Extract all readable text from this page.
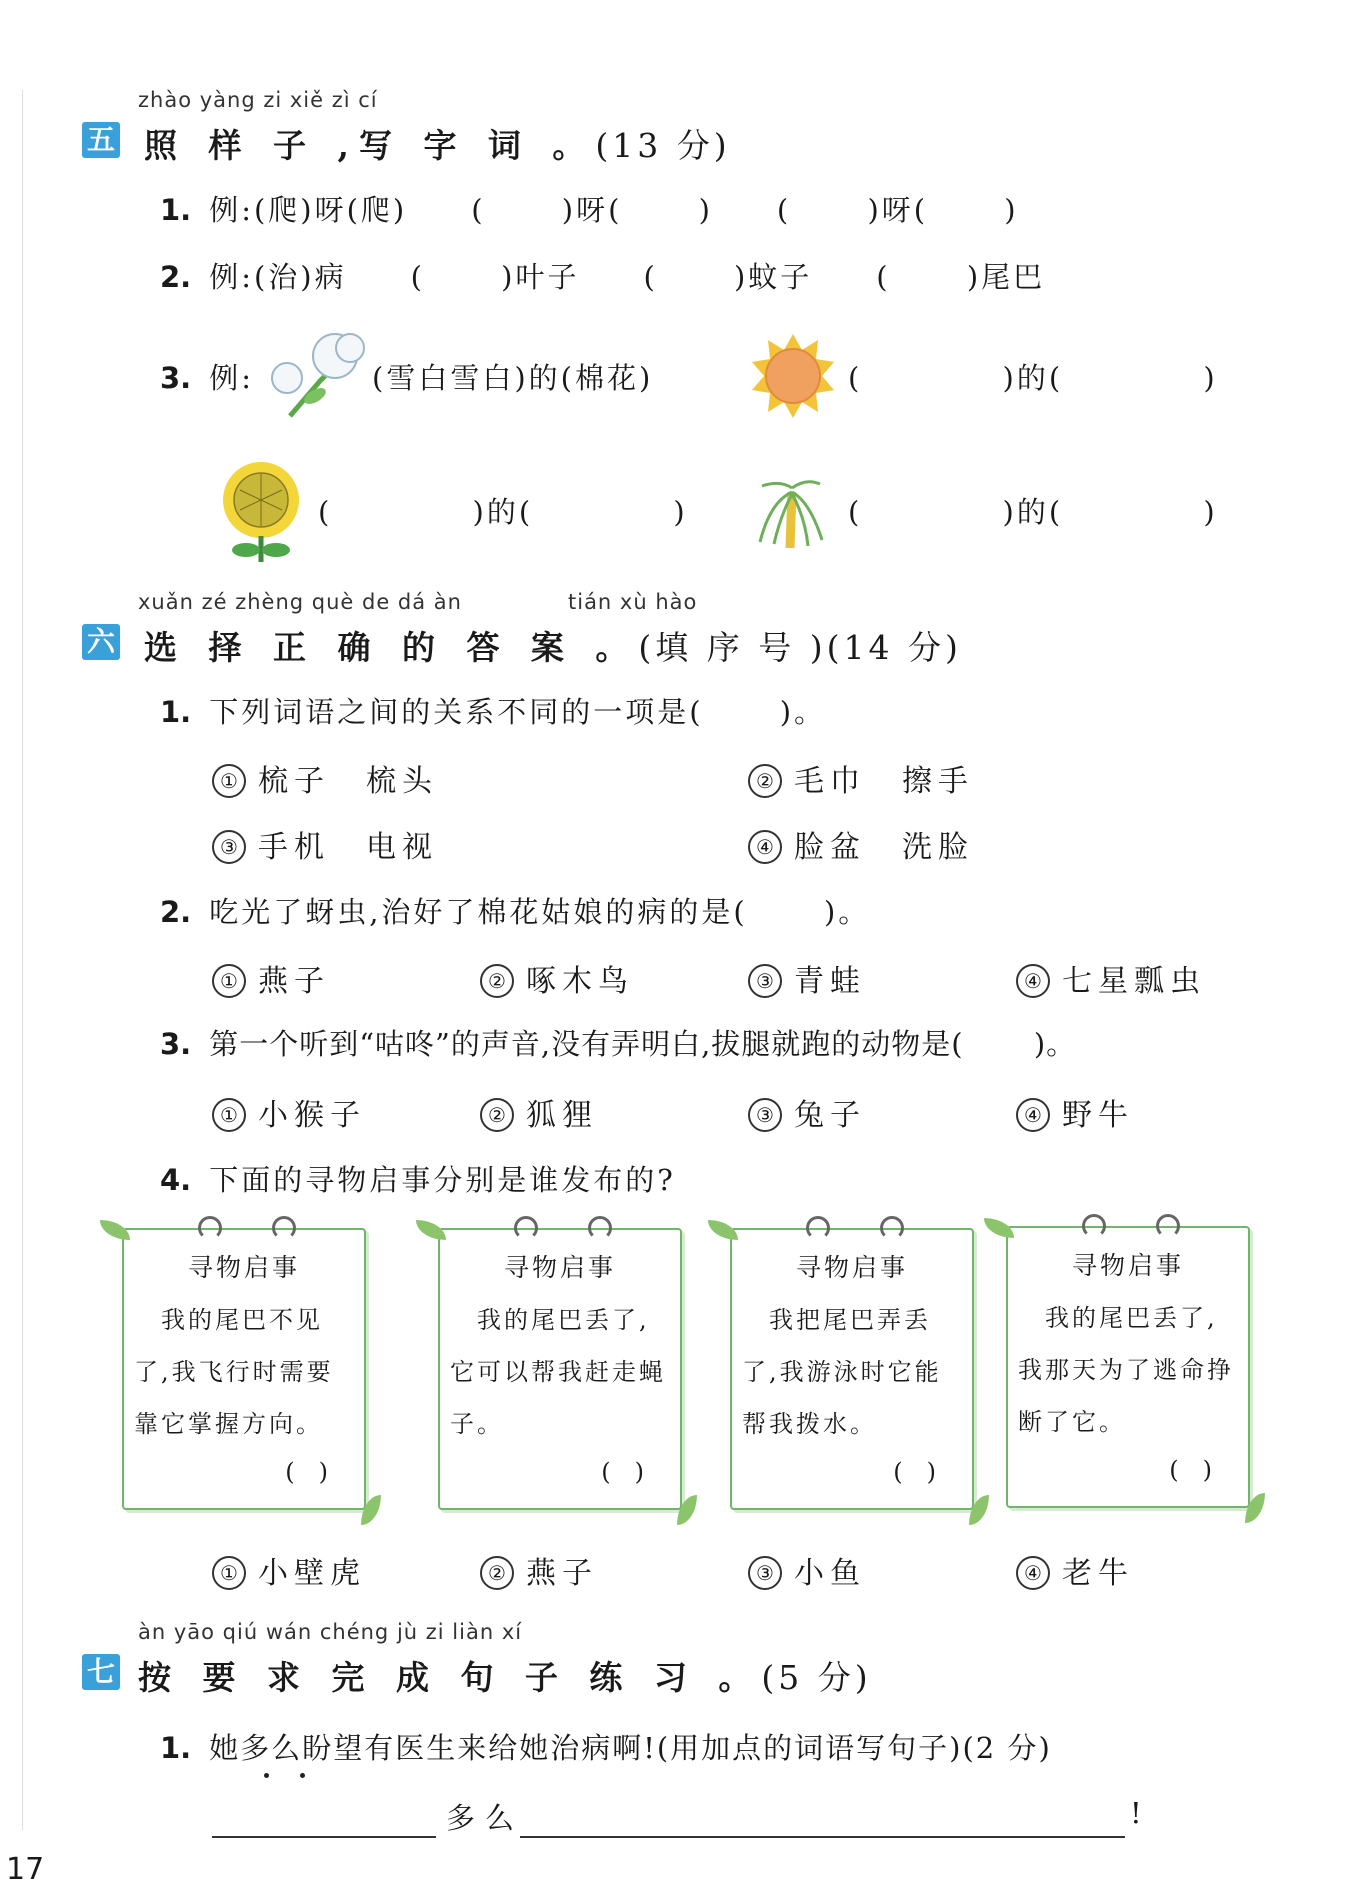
zhào yàng zi xiě zì cí
五 照 样 子 ,写 字 词 。(13 分)
1. 例:(爬)呀(爬)　　(　　 )呀(　　 )　　(　　 )呀(　　 )
2. 例:(治)病　　(　　 )叶子　　(　　 )蚊子　　(　　 )尾巴
3. 例:	(雪白雪白)的(棉花)	(　　　　 )的(　　　　 )
(　　　　 )的(　　　　 )	(　　　　 )的(　　　　 )
xuǎn zé zhèng què de dá àn	tián xù hào
六 选 择 正 确 的 答 案 。(填 序 号 )(14 分)
1. 下列词语之间的关系不同的一项是(　　 )。
① 梳子　梳头	② 毛巾　擦手
③ 手机　电视	④ 脸盆　洗脸
2. 吃光了蚜虫,治好了棉花姑娘的病的是(　　 )。
① 燕子	② 啄木鸟	③ 青蛙	④ 七星瓢虫
3. 第一个听到“咕咚”的声音,没有弄明白,拔腿就跑的动物是(　　 )。
① 小猴子	② 狐狸	③ 兔子	④ 野牛
4. 下面的寻物启事分别是谁发布的?
寻物启事
　我的尾巴不见了,我飞行时需要靠它掌握方向。
()
寻物启事
　我的尾巴丢了,它可以帮我赶走蝇子。
()
寻物启事
　我把尾巴弄丢了,我游泳时它能帮我拨水。
()
寻物启事
　我的尾巴丢了,我那天为了逃命挣断了它。
()
① 小壁虎	② 燕子	③ 小鱼	④ 老牛
àn yāo qiú wán chéng jù zi liàn xí
七 按 要 求 完 成 句 子 练 习 。(5 分)
1. 她多么盼望有医生来给她治病啊!(用加点的词语写句子)(2 分)
多么	!
17
